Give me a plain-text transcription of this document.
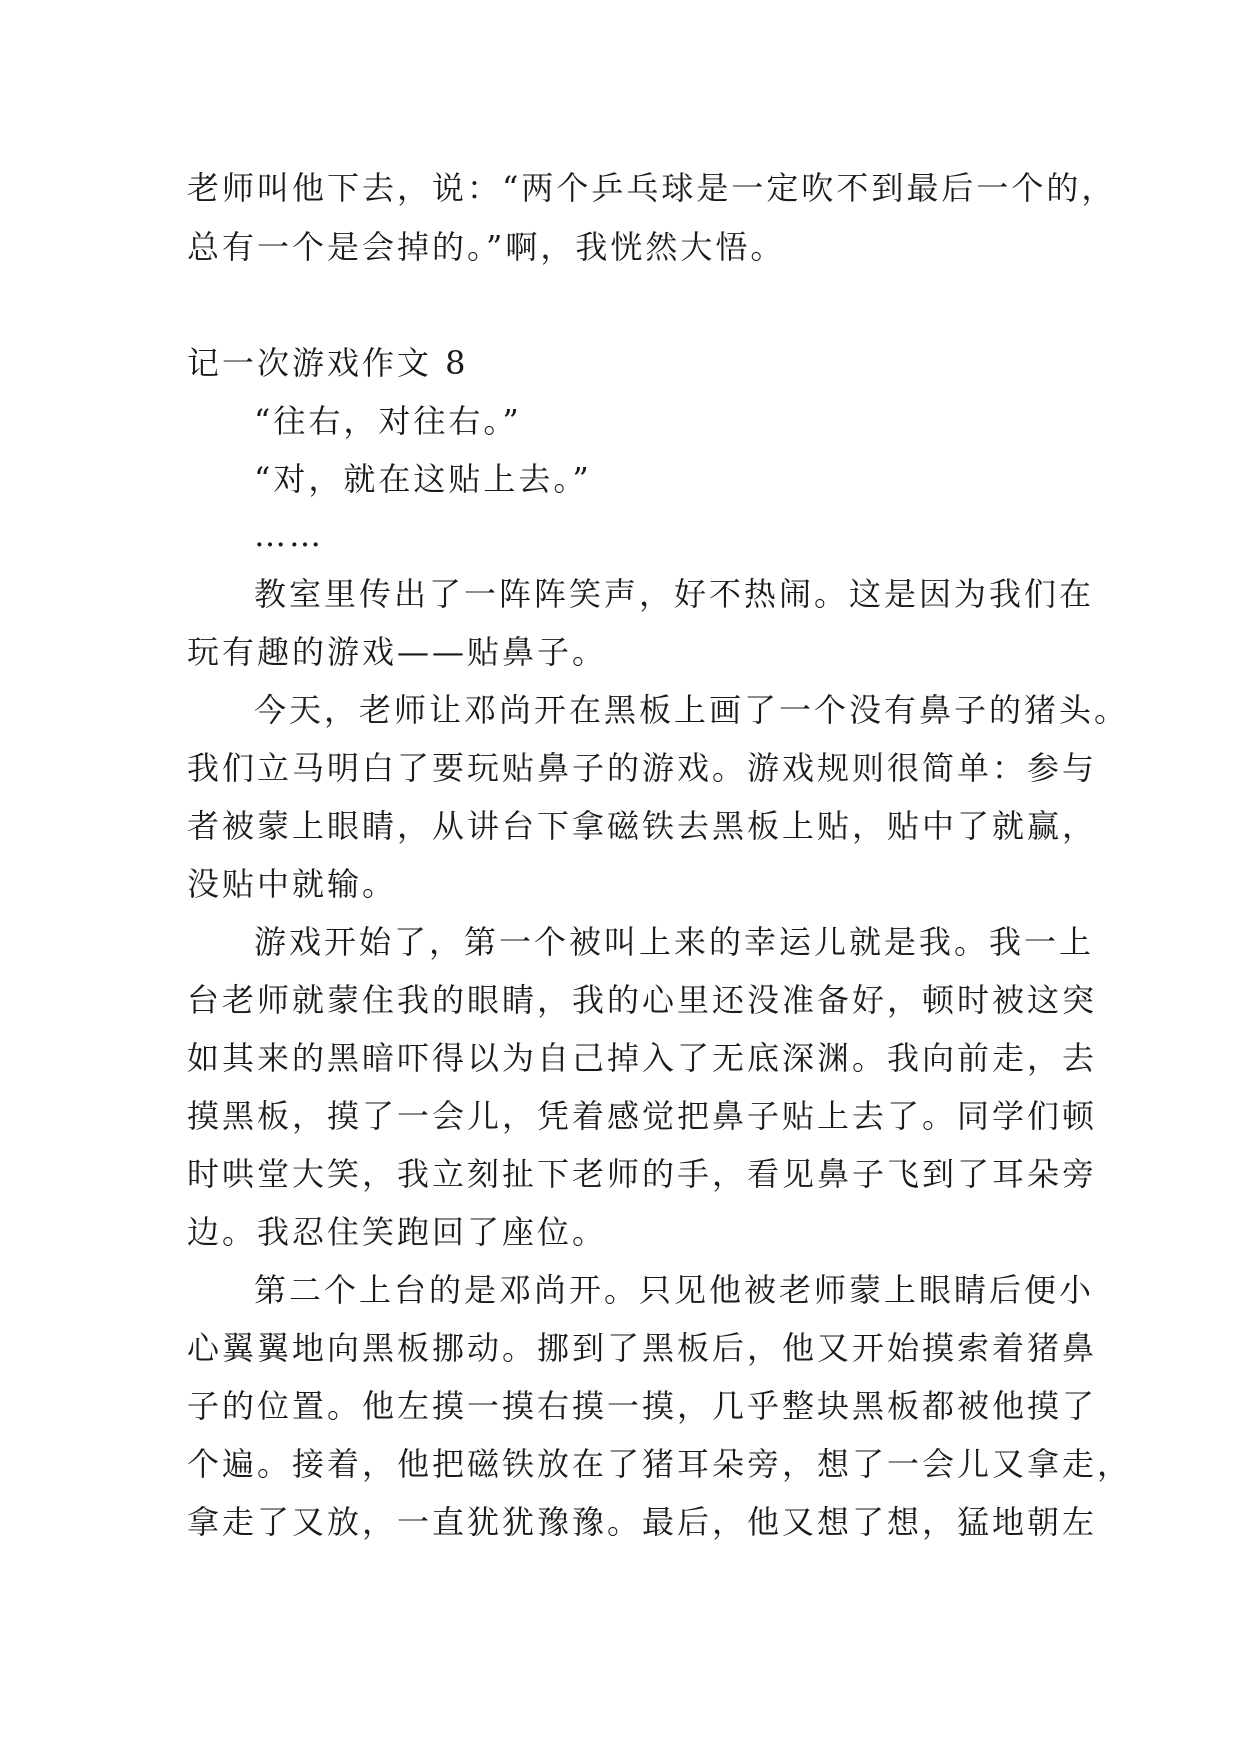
老师叫他下去，说：“两个乒乓球是一定吹不到最后一个的，
总有一个是会掉的。”啊，我恍然大悟。
记一次游戏作文 8
“往右，对往右。”
“对，就在这贴上去。”
……
教室里传出了一阵阵笑声，好不热闹。这是因为我们在
玩有趣的游戏——贴鼻子。
今天，老师让邓尚开在黑板上画了一个没有鼻子的猪头。
我们立马明白了要玩贴鼻子的游戏。游戏规则很简单：参与
者被蒙上眼睛，从讲台下拿磁铁去黑板上贴，贴中了就赢，
没贴中就输。
游戏开始了，第一个被叫上来的幸运儿就是我。我一上
台老师就蒙住我的眼睛，我的心里还没准备好，顿时被这突
如其来的黑暗吓得以为自己掉入了无底深渊。我向前走，去
摸黑板，摸了一会儿，凭着感觉把鼻子贴上去了。同学们顿
时哄堂大笑，我立刻扯下老师的手，看见鼻子飞到了耳朵旁
边。我忍住笑跑回了座位。
第二个上台的是邓尚开。只见他被老师蒙上眼睛后便小
心翼翼地向黑板挪动。挪到了黑板后，他又开始摸索着猪鼻
子的位置。他左摸一摸右摸一摸，几乎整块黑板都被他摸了
个遍。接着，他把磁铁放在了猪耳朵旁，想了一会儿又拿走，
拿走了又放，一直犹犹豫豫。最后，他又想了想，猛地朝左
